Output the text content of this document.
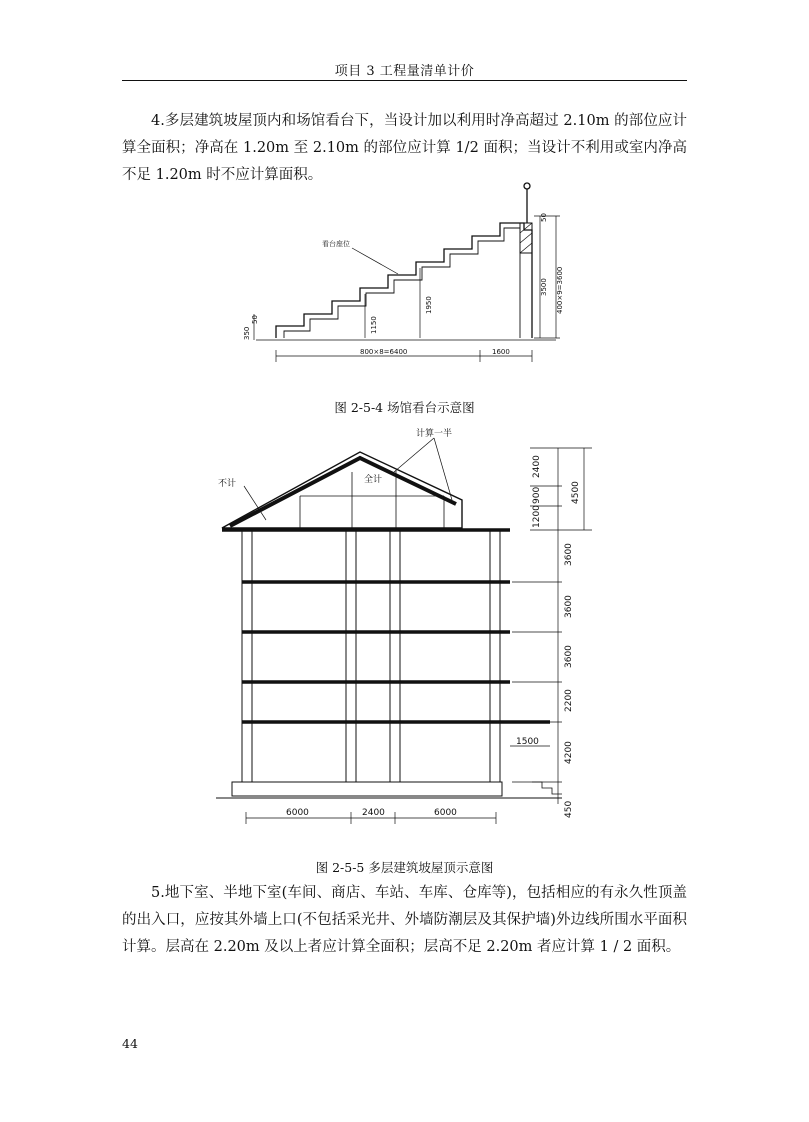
项目 3 工程量清单计价

4.多层建筑坡屋顶内和场馆看台下，当设计加以利用时净高超过 2.10m 的部位应计算全面积；净高在 1.20m 至 2.10m 的部位应计算 1/2 面积；当设计不利用或室内净高不足 1.20m 时不应计算面积。

看台座位
350
50	1150
1950
3500
50
400×9=3600
800×8=6400	1600
图 2-5-4 场馆看台示意图
计算一半
不计	全计
2400
900
1200
4500
3600
3600
3600
2200
4200
450
1500
6000	2400	6000
图 2-5-5 多层建筑坡屋顶示意图

5.地下室、半地下室(车间、商店、车站、车库、仓库等)，包括相应的有永久性顶盖的出入口，应按其外墙上口(不包括采光井、外墙防潮层及其保护墙)外边线所围水平面积计算。层高在 2.20m 及以上者应计算全面积；层高不足 2.20m 者应计算 1 / 2 面积。

44
